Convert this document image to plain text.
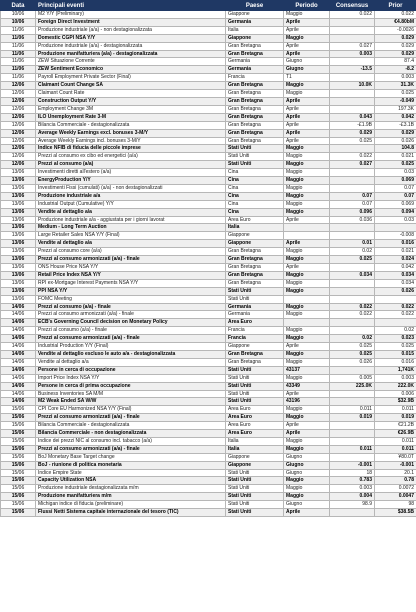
Data	Principali eventi	Paese	Periodo	Consensus	Prior
10/06	M2 Y/Y (Preliminary)	Giappone	Maggio	0.022	0.022
10/06	Foreign Direct Investment	Germania	Aprile		€4.80bM
11/06	Produzione industriale (a/a) - non destagionalizzata	Italia	Aprile		-0.0026
11/06	Domestic CGPI NSA Y/Y	Giappone	Maggio		0.029
11/06	Produzione industriale (a/a) - destagionalizzata	Gran Bretagna	Aprile	0.027	0.029
11/06	Produzione manifatturiera (a/a) - destagionalizzata	Gran Bretagna	Aprile	0.003	0.029
11/06	ZEW Situazione Corrente	Germania	Giugno		87.4
11/06	ZEW Sentiment Economico	Germania	Giugno	-13.5	-8.2
11/06	Payroll Employment Private Sector (Final)	Francia	T1		0.003
12/06	Claimant Count Change SA	Gran Bretagna	Maggio	10.0K	31.3K
12/06	Claimant Count Rate	Gran Bretagna	Maggio		0.025
12/06	Construction Output Y/Y	Gran Bretagna	Aprile		-0.049
12/06	Employment Change 3M	Gran Bretagna	Aprile		197.3K
12/06	ILO Unemployment Rate 3-M	Gran Bretagna	Aprile	0.043	0.042
12/06	Bilancia Commerciale - destagionalizzata	Gran Bretagna	Aprile	-£1.9B	-£3.1B
12/06	Average Weekly Earnings excl. bonuses 3-M/Y	Gran Bretagna	Aprile	0.029	0.029
12/06	Average Weekly Earnings incl. bonuses 3-M/Y	Gran Bretagna	Aprile	0.025	0.026
12/06	Indice NFIB di fiducia delle piccole imprese	Stati Uniti	Maggio		104.8
12/06	Prezzi al consumo ex cibo ed energetici (a/a)	Stati Uniti	Maggio	0.022	0.021
12/06	Prezzi al consumo (a/a)	Stati Uniti	Maggio	0.027	0.025
13/06	Investimenti diretti all'estero (a/a)	Cina	Maggio		0.03
13/06	EnergyProduction Y/Y	Cina	Maggio		0.069
13/06	Investimenti Fissi (cumulati) (a/a) - non destagionalizzati	Cina	Maggio		0.07
13/06	Produzione industriale a/a	Cina	Maggio	0.07	0.07
13/06	Industrial Output (Cumulative) Y/Y	Cina	Maggio	0.07	0.069
13/06	Vendite al dettaglio a/a	Cina	Maggio	0.096	0.094
13/06	Produzione industriale a/a - aggiustata per i giorni lavorat	Area Euro	Aprile	0.036	0.03
13/06	Medium - Long Term Auction	Italia			
13/06	Large Retailer Sales NSA Y/Y (Final)	Giappone			-0.008
13/06	Vendite al dettaglio a/a	Giappone	Aprile	0.01	0.016
13/06	Prezzi al consumo core (a/a)	Gran Bretagna	Maggio	0.02	0.021
13/06	Prezzi al consumo armonizzati (a/a) - finale	Gran Bretagna	Maggio	0.025	0.024
13/06	ONS House Price NSA Y/Y	Gran Bretagna	Aprile		0.042
13/06	Retail Price Index NSA Y/Y	Gran Bretagna	Maggio	0.034	0.034
13/06	RPI ex-Mortgage Interest Payments NSA Y/Y	Gran Bretagna	Maggio		0.034
13/06	PPI NSA Y/Y	Stati Uniti	Maggio		0.026
13/06	FOMC Meeting	Stati Uniti			
14/06	Prezzi al consumo (a/a) - finale	Germania	Maggio	0.022	0.022
14/06	Prezzi al consumo armonizzati (a/a) - finale	Germania	Maggio	0.022	0.022
14/06	ECB's Governing Council decision on Monetary Policy	Area Euro			
14/06	Prezzi al consumo (a/a) - finale	Francia	Maggio		0.02
14/06	Prezzi al consumo armonizzati (a/a) - finale	Francia	Maggio	0.02	0.023
14/06	Industrial Production Y/Y (Final)	Giappone	Aprile	0.025	0.025
14/06	Vendite al dettaglio escluso le auto a/a - destagionalizzata	Gran Bretagna	Maggio	0.025	0.015
14/06	Vendite al dettaglio a/a	Gran Bretagna	Maggio	0.026	0.016
14/06	Persone in cerca di occupazione	Stati Uniti	43137		1,741K
14/06	Import Price Index NSA Y/Y	Stati Uniti	Maggio	0.005	0.003
14/06	Persone in cerca di prima occupazione	Stati Uniti	43349	225.0K	222.0K
14/06	Business Inventories SA M/M	Stati Uniti	Aprile		0.006
14/06	M2 Weak Ended SA W/W	Stati Uniti	43196		$32.9B
15/06	CPI Core EU Harmonized NSA Y/Y (Final)	Area Euro	Maggio	0.011	0.011
15/06	Prezzi al consumo armonizzati (a/a) - finale	Area Euro	Maggio	0.019	0.019
15/06	Bilancia Commerciale - destagionalizzata	Area Euro	Aprile		€21.2B
15/06	Bilancia Commerciale - non destagionalizzata	Area Euro	Aprile		€26.9B
15/06	Indice dei prezzi NIC al consumo incl. tabacco (a/a)	Italia	Maggio		0.011
15/06	Prezzi al consumo armonizzati (a/a) - finale	Italia	Maggio	0.011	0.011
15/06	BoJ Monetary Base Target change	Giappone	Giugno		¥80.0T
15/06	BoJ - riunione di politica monetaria	Giappone	Giugno	-0.001	-0.001
15/06	Indice Empire State	Stati Uniti	Giugno	18	20.1
15/06	Capacity Utilization NSA	Stati Uniti	Maggio	0.783	0.78
15/06	Produzione industriale destagionalizzata m/m	Stati Uniti	Maggio	0.003	0.0072
15/06	Produzione manifatturiera m/m	Stati Uniti	Maggio	0.004	0.0047
15/06	Michigan indice di fiducia (preliminare)	Stati Uniti	Giugno	98.9	98
15/06	Flussi Netti Sistema capitale internazionale del tesoro (TIC)	Stati Uniti	Aprile		$38.5B
